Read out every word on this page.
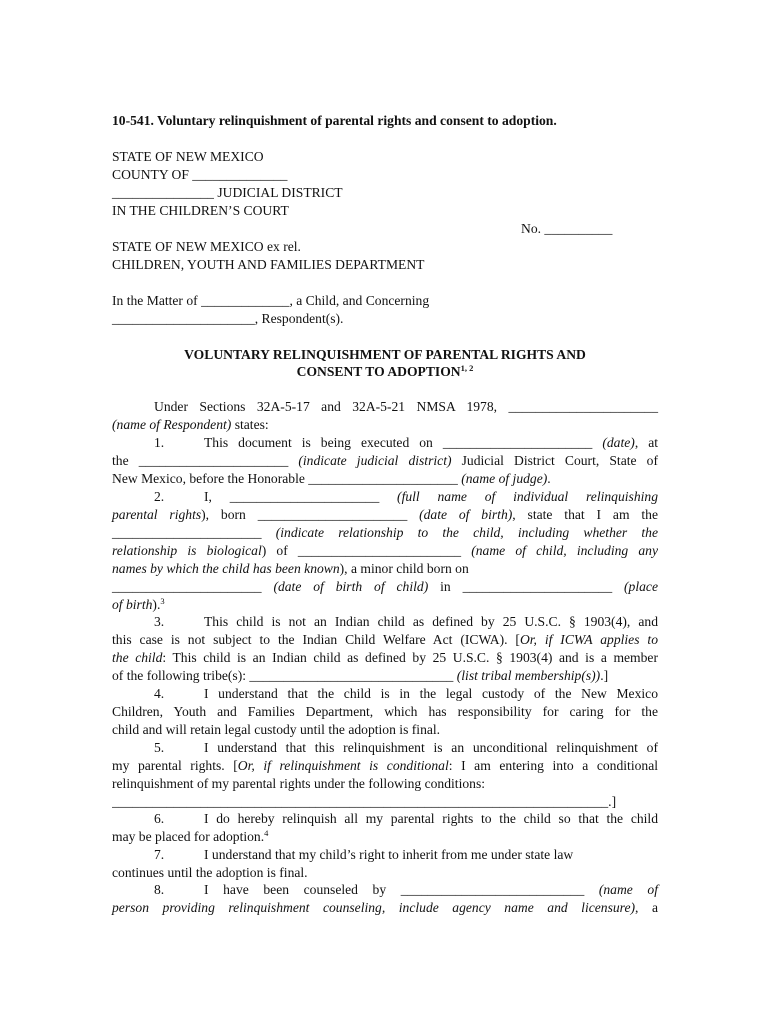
10-541. Voluntary relinquishment of parental rights and consent to adoption.
STATE OF NEW MEXICO
COUNTY OF ______________
_______________ JUDICIAL DISTRICT
IN THE CHILDREN’S COURT
No. __________
STATE OF NEW MEXICO ex rel.
CHILDREN, YOUTH AND FAMILIES DEPARTMENT
In the Matter of _____________, a Child, and Concerning
_____________________, Respondent(s).
VOLUNTARY RELINQUISHMENT OF PARENTAL RIGHTS AND
CONSENT TO ADOPTION$^{1, 2}$
Under Sections 32A-5-17 and 32A-5-21 NMSA 1978, ______________________
(name of Respondent) states:
1.	This document is being executed on ______________________ (date), at
the ______________________ (indicate judicial district) Judicial District Court, State of
New Mexico, before the Honorable ______________________ (name of judge).
2.	I, ______________________ (full name of individual relinquishing
parental rights), born ______________________ (date of birth), state that I am the
______________________ (indicate relationship to the child, including whether the
relationship is biological) of ________________________ (name of child, including any
names by which the child has been known), a minor child born on
______________________ (date of birth of child) in ______________________ (place
of birth).$^3$
3.	This child is not an Indian child as defined by 25 U.S.C. § 1903(4), and
this case is not subject to the Indian Child Welfare Act (ICWA). [Or, if ICWA applies to
the child: This child is an Indian child as defined by 25 U.S.C. § 1903(4) and is a member
of the following tribe(s): ______________________________ (list tribal membership(s)).]
4.	I understand that the child is in the legal custody of the New Mexico
Children, Youth and Families Department, which has responsibility for caring for the
child and will retain legal custody until the adoption is final.
5.	I understand that this relinquishment is an unconditional relinquishment of
my parental rights. [Or, if relinquishment is conditional: I am entering into a conditional
relinquishment of my parental rights under the following conditions:
_________________________________________________________________________.]
6.	I do hereby relinquish all my parental rights to the child so that the child
may be placed for adoption.$^4$
7.	I understand that my child’s right to inherit from me under state law
continues until the adoption is final.
8.	I have been counseled by ___________________________ (name of
person providing relinquishment counseling, include agency name and licensure), a
